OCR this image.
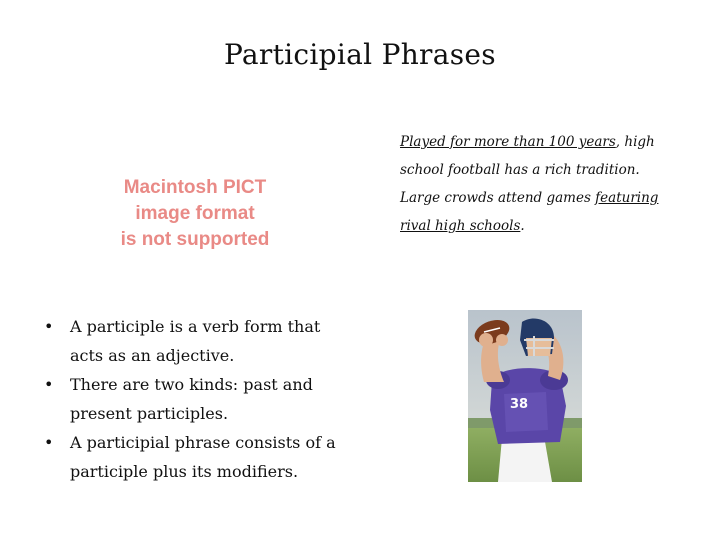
Participial Phrases
Macintosh PICT
image format
is not supported
• A participle is a verb form that acts as an adjective.
• There are two kinds: past and present participles.
• A participial phrase consists of a participle plus its modifiers.

Played for more than 100 years, high school football has a rich tradition.

Large crowds attend games featuring rival high schools.

38
